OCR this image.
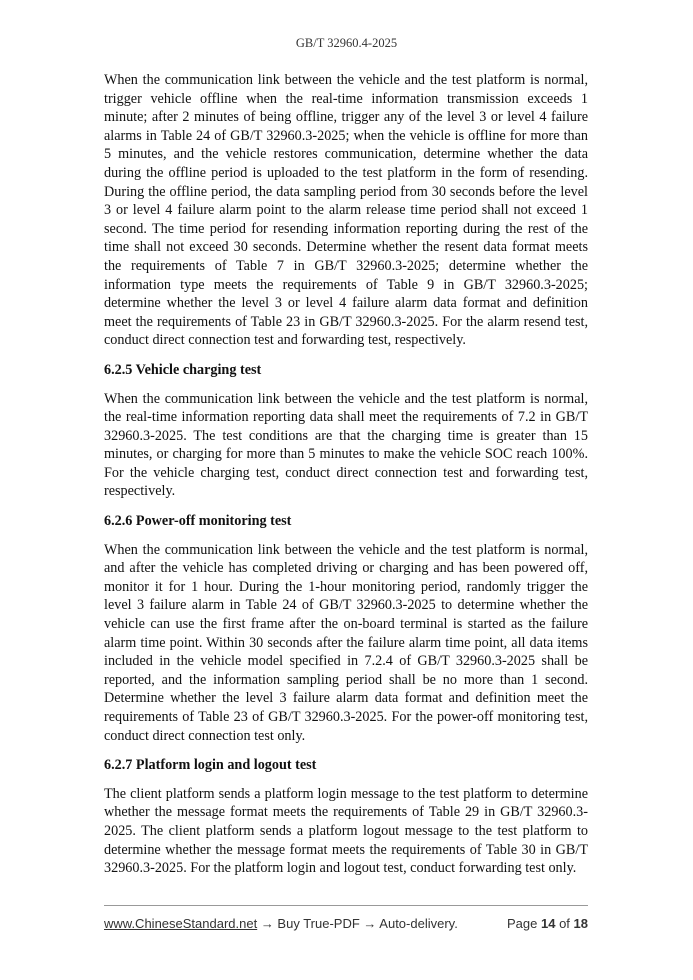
GB/T 32960.4-2025

When the communication link between the vehicle and the test platform is normal, trigger vehicle offline when the real-time information transmission exceeds 1 minute; after 2 minutes of being offline, trigger any of the level 3 or level 4 failure alarms in Table 24 of GB/T 32960.3-2025; when the vehicle is offline for more than 5 minutes, and the vehicle restores communication, determine whether the data during the offline period is uploaded to the test platform in the form of resending. During the offline period, the data sampling period from 30 seconds before the level 3 or level 4 failure alarm point to the alarm release time period shall not exceed 1 second. The time period for resending information reporting during the rest of the time shall not exceed 30 seconds. Determine whether the resent data format meets the requirements of Table 7 in GB/T 32960.3-2025; determine whether the information type meets the requirements of Table 9 in GB/T 32960.3-2025; determine whether the level 3 or level 4 failure alarm data format and definition meet the requirements of Table 23 in GB/T 32960.3-2025. For the alarm resend test, conduct direct connection test and forwarding test, respectively.

6.2.5 Vehicle charging test

When the communication link between the vehicle and the test platform is normal, the real-time information reporting data shall meet the requirements of 7.2 in GB/T 32960.3-2025. The test conditions are that the charging time is greater than 15 minutes, or charging for more than 5 minutes to make the vehicle SOC reach 100%. For the vehicle charging test, conduct direct connection test and forwarding test, respectively.

6.2.6 Power-off monitoring test

When the communication link between the vehicle and the test platform is normal, and after the vehicle has completed driving or charging and has been powered off, monitor it for 1 hour. During the 1-hour monitoring period, randomly trigger the level 3 failure alarm in Table 24 of GB/T 32960.3-2025 to determine whether the vehicle can use the first frame after the on-board terminal is started as the failure alarm time point. Within 30 seconds after the failure alarm time point, all data items included in the vehicle model specified in 7.2.4 of GB/T 32960.3-2025 shall be reported, and the information sampling period shall be no more than 1 second. Determine whether the level 3 failure alarm data format and definition meet the requirements of Table 23 of GB/T 32960.3-2025. For the power-off monitoring test, conduct direct connection test only.

6.2.7 Platform login and logout test

The client platform sends a platform login message to the test platform to determine whether the message format meets the requirements of Table 29 in GB/T 32960.3-2025. The client platform sends a platform logout message to the test platform to determine whether the message format meets the requirements of Table 30 in GB/T 32960.3-2025. For the platform login and logout test, conduct forwarding test only.

www.ChineseStandard.net → Buy True-PDF → Auto-delivery.	Page 14 of 18
